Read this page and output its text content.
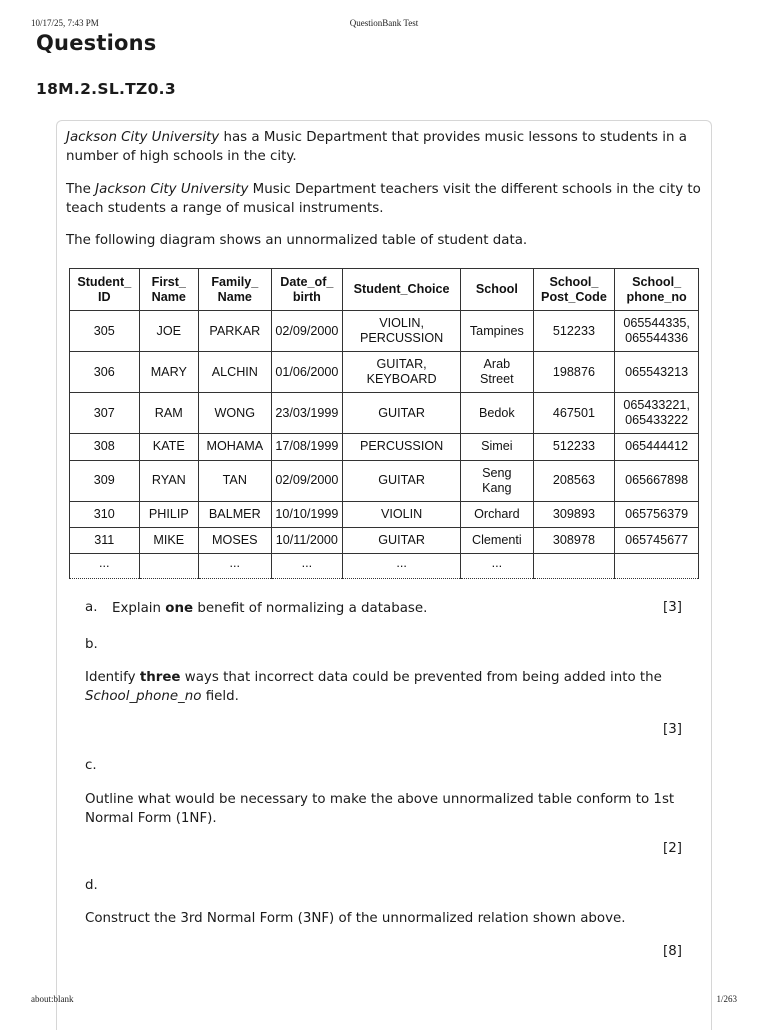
10/17/25, 7:43 PM	QuestionBank Test
Questions
18M.2.SL.TZ0.3
Jackson City University has a Music Department that provides music lessons to students in a number of high schools in the city.
The Jackson City University Music Department teachers visit the different schools in the city to teach students a range of musical instruments.
The following diagram shows an unnormalized table of student data.
Student_
ID	First_
Name	Family_
Name	Date_of_
birth	Student_Choice	School	School_
Post_Code	School_
phone_no
305	JOE	PARKAR	02/09/2000	VIOLIN,
PERCUSSION	Tampines	512233	065544335,
065544336
306	MARY	ALCHIN	01/06/2000	GUITAR,
KEYBOARD	Arab
Street	198876	065543213
307	RAM	WONG	23/03/1999	GUITAR	Bedok	467501	065433221,
065433222
308	KATE	MOHAMA	17/08/1999	PERCUSSION	Simei	512233	065444412
309	RYAN	TAN	02/09/2000	GUITAR	Seng
Kang	208563	065667898
310	PHILIP	BALMER	10/10/1999	VIOLIN	Orchard	309893	065756379
311	MIKE	MOSES	10/11/2000	GUITAR	Clementi	308978	065745677
...		...	...	...	...		
a. Explain one benefit of normalizing a database.	[3]
b.
Identify three ways that incorrect data could be prevented from being added into the School_phone_no field.
[3]
c.
Outline what would be necessary to make the above unnormalized table conform to 1st Normal Form (1NF).
[2]
d.
Construct the 3rd Normal Form (3NF) of the unnormalized relation shown above.
[8]
about:blank	1/263
